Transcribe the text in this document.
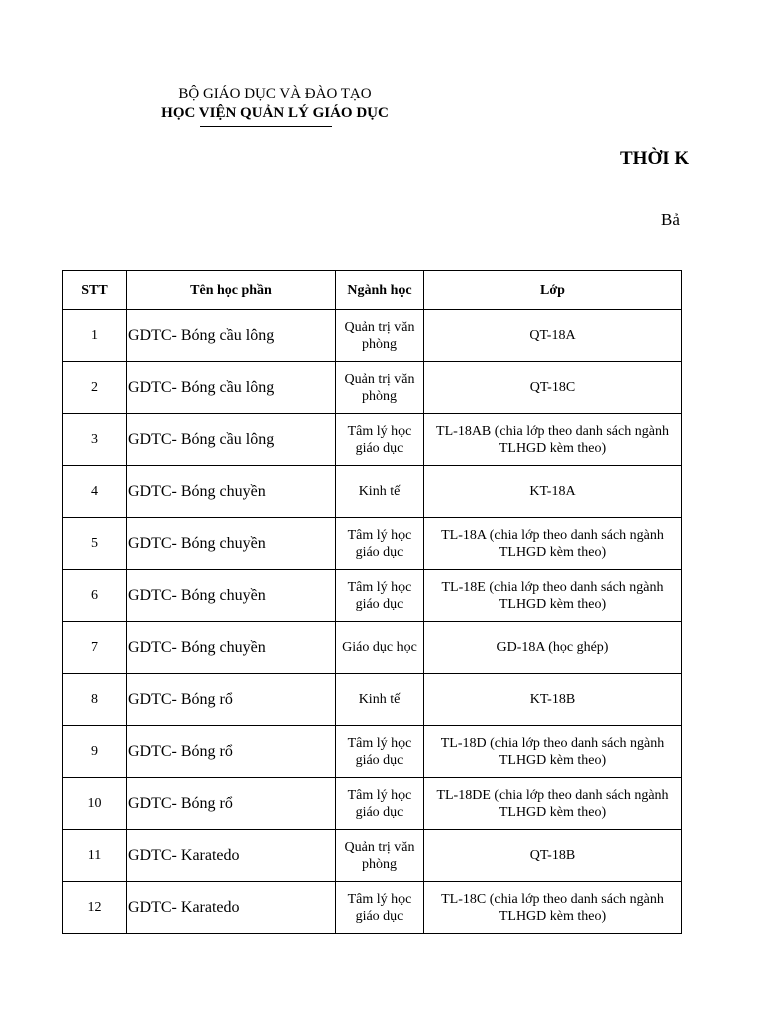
BỘ GIÁO DỤC VÀ ĐÀO TẠO
HỌC VIỆN QUẢN LÝ GIÁO DỤC
THỜI K
Bả
STT	Tên học phần	Ngành học	Lớp
1	GDTC- Bóng cầu lông	Quản trị văn phòng	QT-18A
2	GDTC- Bóng cầu lông	Quản trị văn phòng	QT-18C
3	GDTC- Bóng cầu lông	Tâm lý học giáo dục	TL-18AB (chia lớp theo danh sách ngành TLHGD kèm theo)
4	GDTC- Bóng chuyền	Kinh tế	KT-18A
5	GDTC- Bóng chuyền	Tâm lý học giáo dục	TL-18A (chia lớp theo danh sách ngành TLHGD kèm theo)
6	GDTC- Bóng chuyền	Tâm lý học giáo dục	TL-18E (chia lớp theo danh sách ngành TLHGD kèm theo)
7	GDTC- Bóng chuyền	Giáo dục học	GD-18A (học ghép)
8	GDTC- Bóng rổ	Kinh tế	KT-18B
9	GDTC- Bóng rổ	Tâm lý học giáo dục	TL-18D (chia lớp theo danh sách ngành TLHGD kèm theo)
10	GDTC- Bóng rổ	Tâm lý học giáo dục	TL-18DE (chia lớp theo danh sách ngành TLHGD kèm theo)
11	GDTC- Karatedo	Quản trị văn phòng	QT-18B
12	GDTC- Karatedo	Tâm lý học giáo dục	TL-18C (chia lớp theo danh sách ngành TLHGD kèm theo)
